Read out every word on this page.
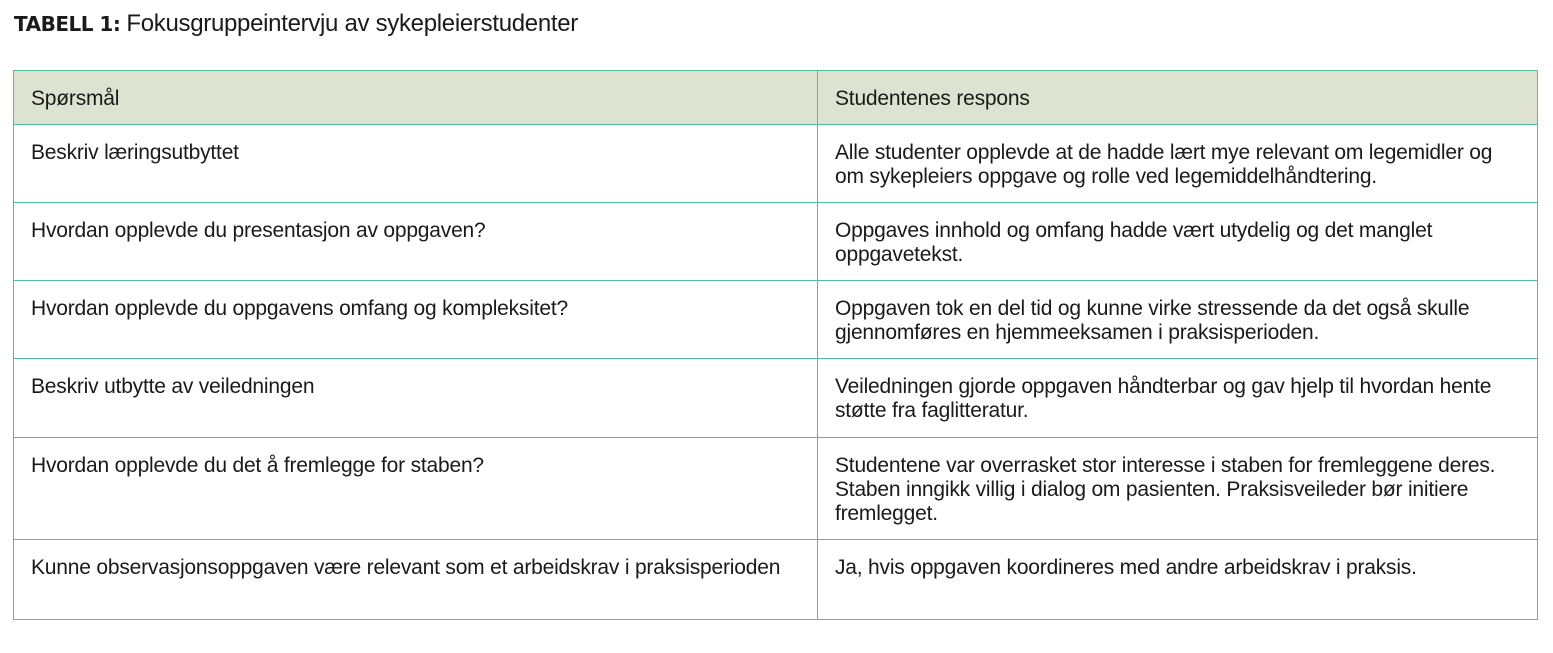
TABELL 1: Fokusgruppeintervju av sykepleierstudenter
Spørsmål	Studentenes respons
Beskriv læringsutbyttet	Alle studenter opplevde at de hadde lært mye relevant om legemidler og om sykepleiers oppgave og rolle ved legemiddelhåndtering.
Hvordan opplevde du presentasjon av oppgaven?	Oppgaves innhold og omfang hadde vært utydelig og det manglet oppgavetekst.
Hvordan opplevde du oppgavens omfang og kompleksitet?	Oppgaven tok en del tid og kunne virke stressende da det også skulle gjennomføres en hjemmeeksamen i praksisperioden.
Beskriv utbytte av veiledningen	Veiledningen gjorde oppgaven håndterbar og gav hjelp til hvordan hente støtte fra faglitteratur.
Hvordan opplevde du det å fremlegge for staben?	Studentene var overrasket stor interesse i staben for fremleggene deres. Staben inngikk villig i dialog om pasienten. Praksisveileder bør initiere fremlegget.
Kunne observasjonsoppgaven være relevant som et arbeidskrav i praksisperioden	Ja, hvis oppgaven koordineres med andre arbeidskrav i praksis.
